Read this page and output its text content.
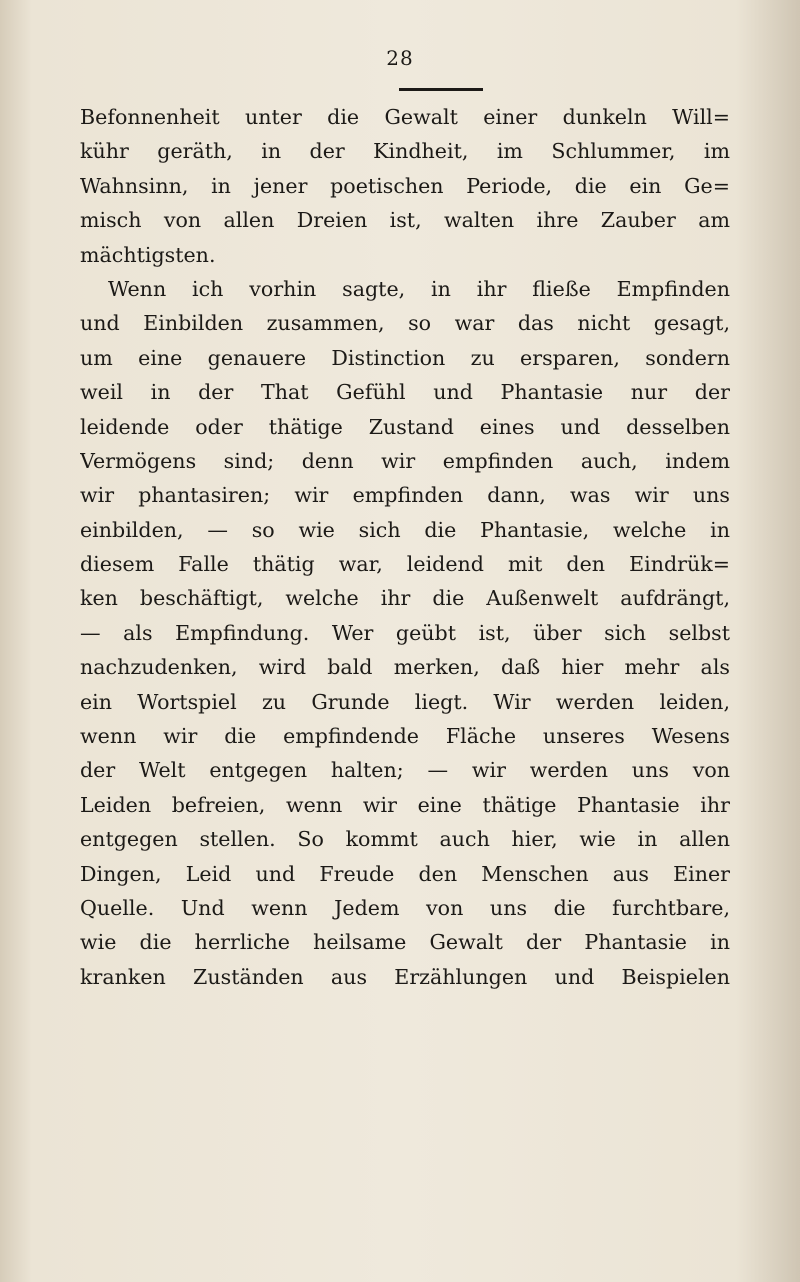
28
Befonnenheit unter die Gewalt einer dunkeln Will=
kühr geräth, in der Kindheit, im Schlummer, im
Wahnsinn, in jener poetischen Periode, die ein Ge=
misch von allen Dreien ist, walten ihre Zauber am
mächtigsten.
Wenn ich vorhin sagte, in ihr fließe Empfinden
und Einbilden zusammen, so war das nicht gesagt,
um eine genauere Distinction zu ersparen, sondern
weil in der That Gefühl und Phantasie nur der
leidende oder thätige Zustand eines und desselben
Vermögens sind; denn wir empfinden auch, indem
wir phantasiren; wir empfinden dann, was wir uns
einbilden, — so wie sich die Phantasie, welche in
diesem Falle thätig war, leidend mit den Eindrük=
ken beschäftigt, welche ihr die Außenwelt aufdrängt,
— als Empfindung. Wer geübt ist, über sich selbst
nachzudenken, wird bald merken, daß hier mehr als
ein Wortspiel zu Grunde liegt. Wir werden leiden,
wenn wir die empfindende Fläche unseres Wesens
der Welt entgegen halten; — wir werden uns von
Leiden befreien, wenn wir eine thätige Phantasie ihr
entgegen stellen. So kommt auch hier, wie in allen
Dingen, Leid und Freude den Menschen aus Einer
Quelle. Und wenn Jedem von uns die furchtbare,
wie die herrliche heilsame Gewalt der Phantasie in
kranken Zuständen aus Erzählungen und Beispielen
